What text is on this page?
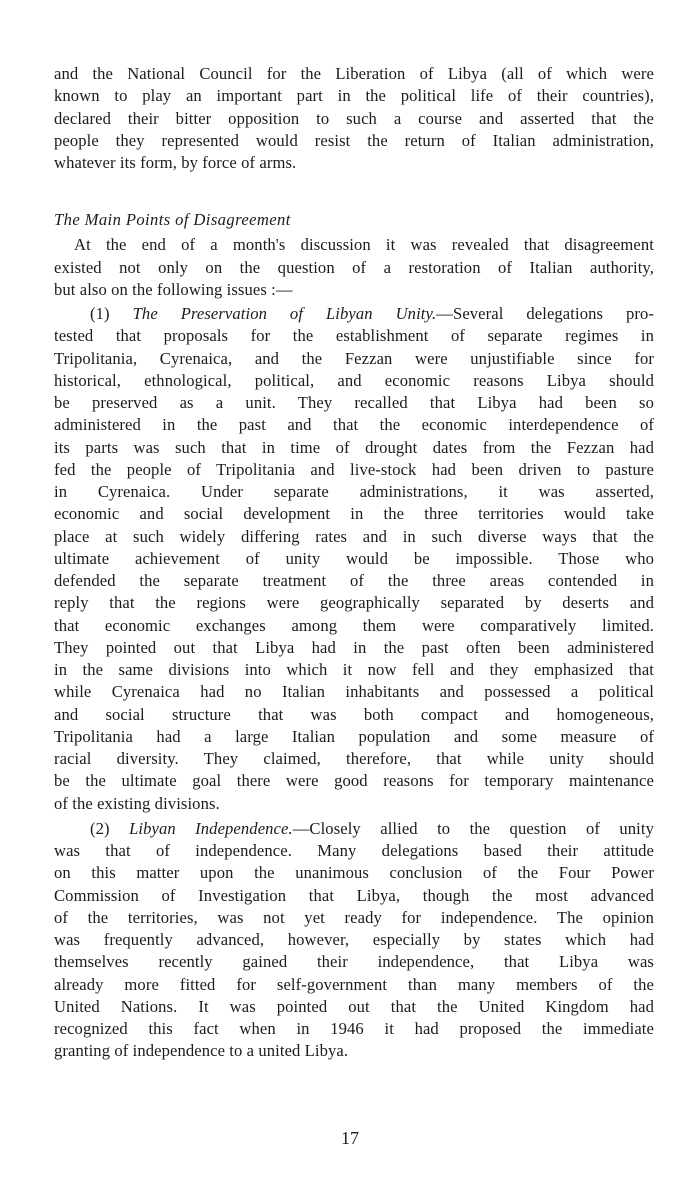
and the National Council for the Liberation of Libya (all of which were
known to play an important part in the political life of their countries),
declared their bitter opposition to such a course and asserted that the
people they represented would resist the return of Italian administration,
whatever its form, by force of arms.

The Main Points of Disagreement

At the end of a month's discussion it was revealed that disagreement
existed not only on the question of a restoration of Italian authority,
but also on the following issues :—

(1) The Preservation of Libyan Unity.—Several delegations pro-
tested that proposals for the establishment of separate regimes in
Tripolitania, Cyrenaica, and the Fezzan were unjustifiable since for
historical, ethnological, political, and economic reasons Libya should
be preserved as a unit. They recalled that Libya had been so
administered in the past and that the economic interdependence of
its parts was such that in time of drought dates from the Fezzan had
fed the people of Tripolitania and live-stock had been driven to pasture
in Cyrenaica. Under separate administrations, it was asserted,
economic and social development in the three territories would take
place at such widely differing rates and in such diverse ways that the
ultimate achievement of unity would be impossible. Those who
defended the separate treatment of the three areas contended in
reply that the regions were geographically separated by deserts and
that economic exchanges among them were comparatively limited.
They pointed out that Libya had in the past often been administered
in the same divisions into which it now fell and they emphasized that
while Cyrenaica had no Italian inhabitants and possessed a political
and social structure that was both compact and homogeneous,
Tripolitania had a large Italian population and some measure of
racial diversity. They claimed, therefore, that while unity should
be the ultimate goal there were good reasons for temporary maintenance
of the existing divisions.

(2) Libyan Independence.—Closely allied to the question of unity
was that of independence. Many delegations based their attitude
on this matter upon the unanimous conclusion of the Four Power
Commission of Investigation that Libya, though the most advanced
of the territories, was not yet ready for independence. The opinion
was frequently advanced, however, especially by states which had
themselves recently gained their independence, that Libya was
already more fitted for self-government than many members of the
United Nations. It was pointed out that the United Kingdom had
recognized this fact when in 1946 it had proposed the immediate
granting of independence to a united Libya.

17
